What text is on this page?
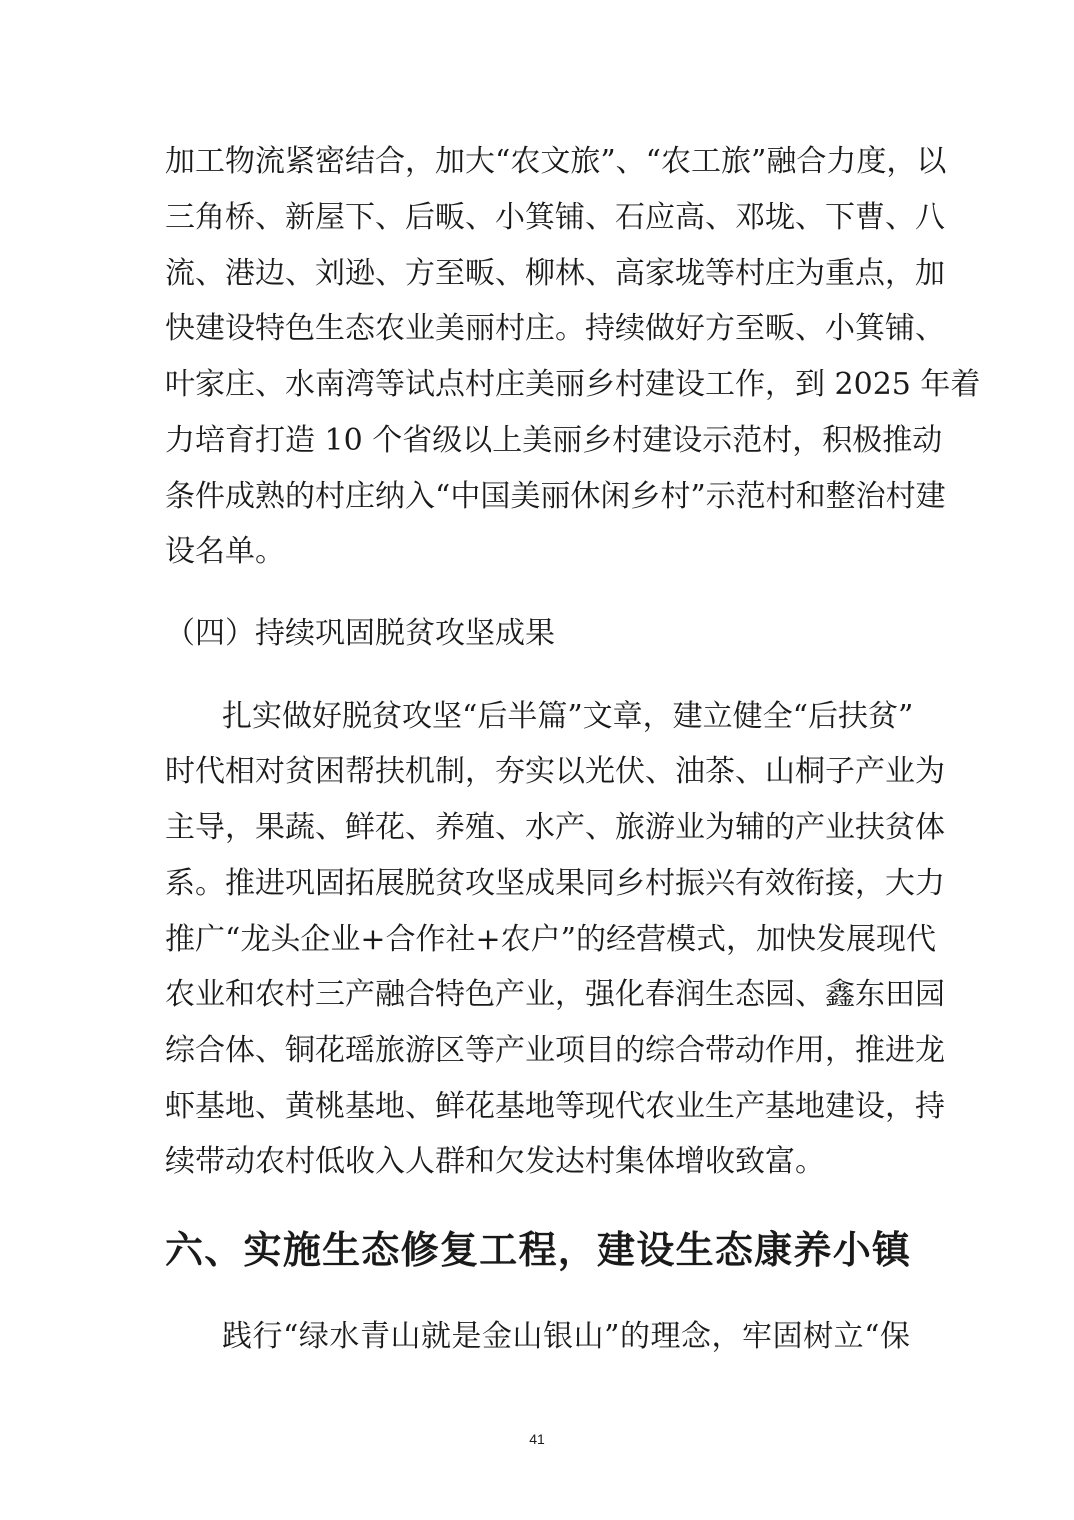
加工物流紧密结合，加大“农文旅”、“农工旅”融合力度，以
三角桥、新屋下、后畈、小箕铺、石应高、邓垅、下曹、八
流、港边、刘逊、方至畈、柳林、高家垅等村庄为重点，加
快建设特色生态农业美丽村庄。持续做好方至畈、小箕铺、
叶家庄、水南湾等试点村庄美丽乡村建设工作，到 2025 年着
力培育打造 10 个省级以上美丽乡村建设示范村，积极推动
条件成熟的村庄纳入“中国美丽休闲乡村”示范村和整治村建
设名单。
（四）持续巩固脱贫攻坚成果
扎实做好脱贫攻坚“后半篇”文章，建立健全“后扶贫”
时代相对贫困帮扶机制，夯实以光伏、油茶、山桐子产业为
主导，果蔬、鲜花、养殖、水产、旅游业为辅的产业扶贫体
系。推进巩固拓展脱贫攻坚成果同乡村振兴有效衔接，大力
推广“龙头企业+合作社+农户”的经营模式，加快发展现代
农业和农村三产融合特色产业，强化春润生态园、鑫东田园
综合体、铜花瑶旅游区等产业项目的综合带动作用，推进龙
虾基地、黄桃基地、鲜花基地等现代农业生产基地建设，持
续带动农村低收入人群和欠发达村集体增收致富。
六、实施生态修复工程，建设生态康养小镇
践行“绿水青山就是金山银山”的理念，牢固树立“保
41
